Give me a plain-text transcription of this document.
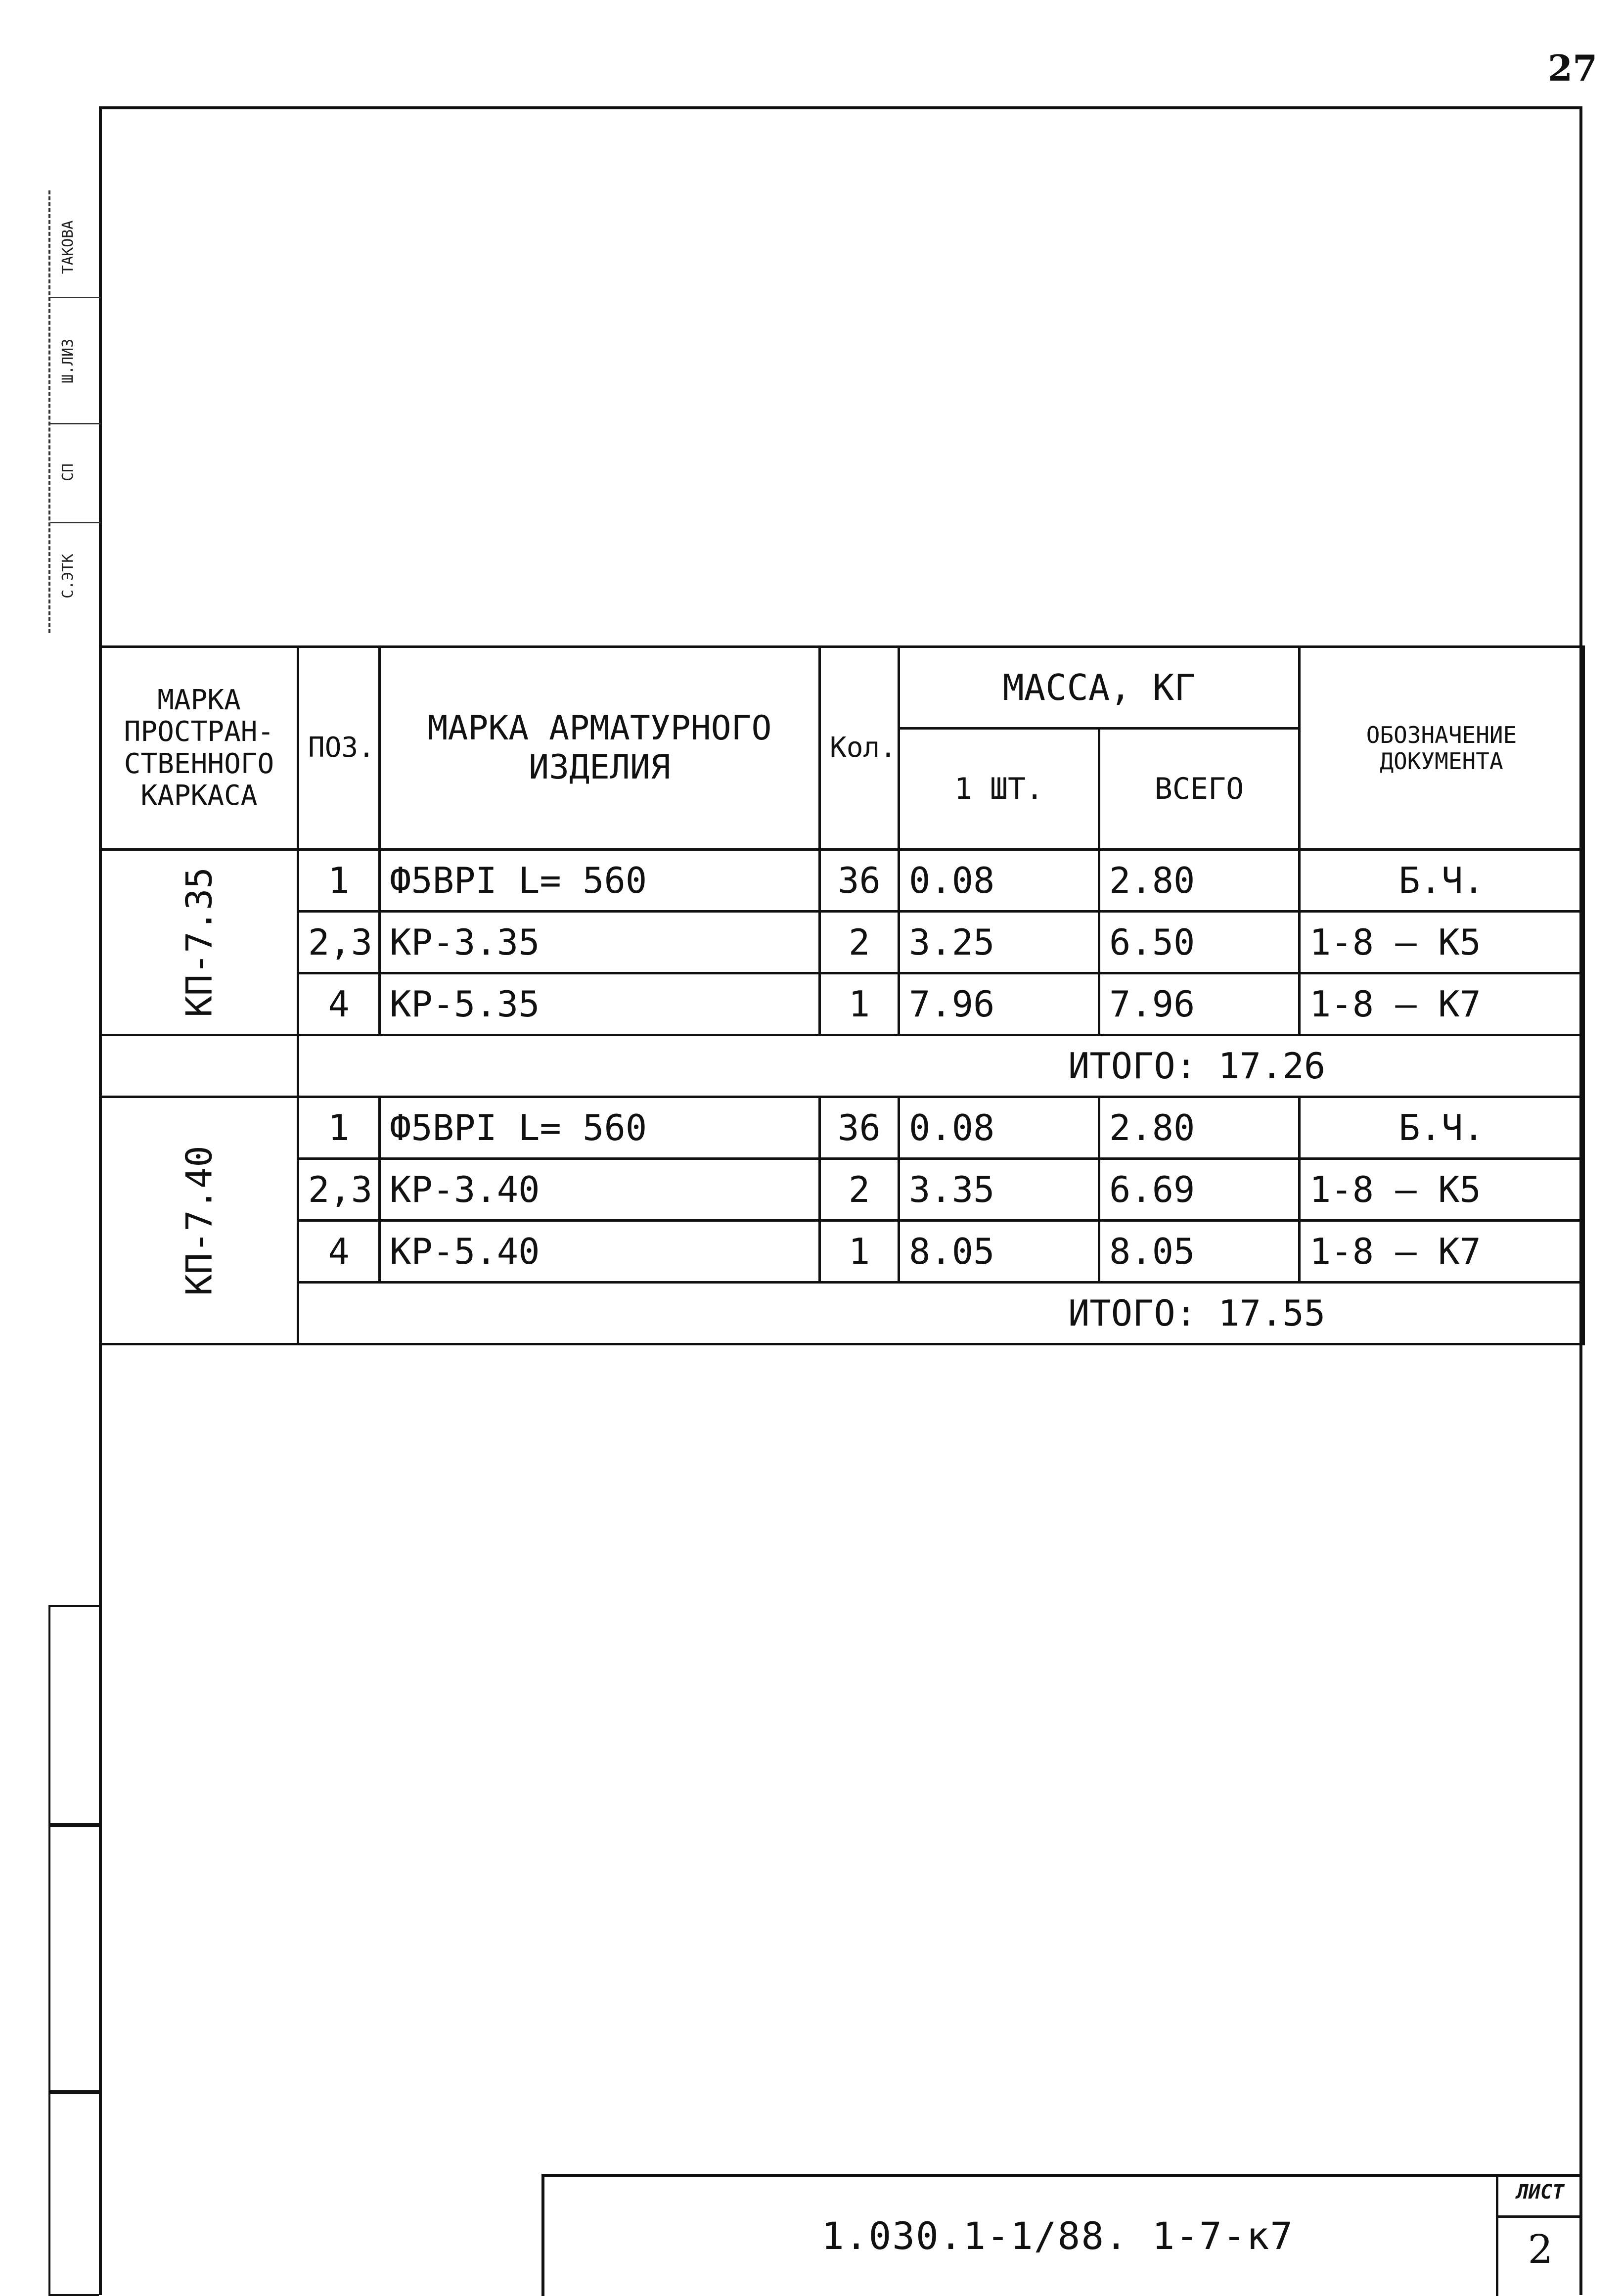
27
ТАКОВА
Ш.ЛИЗ
СП
С.ЭТК
МАРКА ПРОСТРАН- СТВЕННОГО КАРКАСА	ПОЗ.	МАРКА АРМАТУРНОГО ИЗДЕЛИЯ	Кол.	МАССА, КГ		ОБОЗНАЧЕНИЕ ДОКУМЕНТА
				1 ШТ.	ВСЕГО	
КП-7.35	1	Ф5ВРI L= 560	36	0.08	2.80	Б.Ч.
	2,3	КР-3.35	2	3.25	6.50	1-8 — К5
	4	КР-5.35	1	7.96	7.96	1-8 — К7
	ИТОГО: 17.26					
КП-7.40	1	Ф5ВРI L= 560	36	0.08	2.80	Б.Ч.
	2,3	КР-3.40	2	3.35	6.69	1-8 — К5
	4	КР-5.40	1	8.05	8.05	1-8 — К7
	ИТОГО: 17.55					
1.030.1-1/88. 1-7-к7
ЛИСТ
2
